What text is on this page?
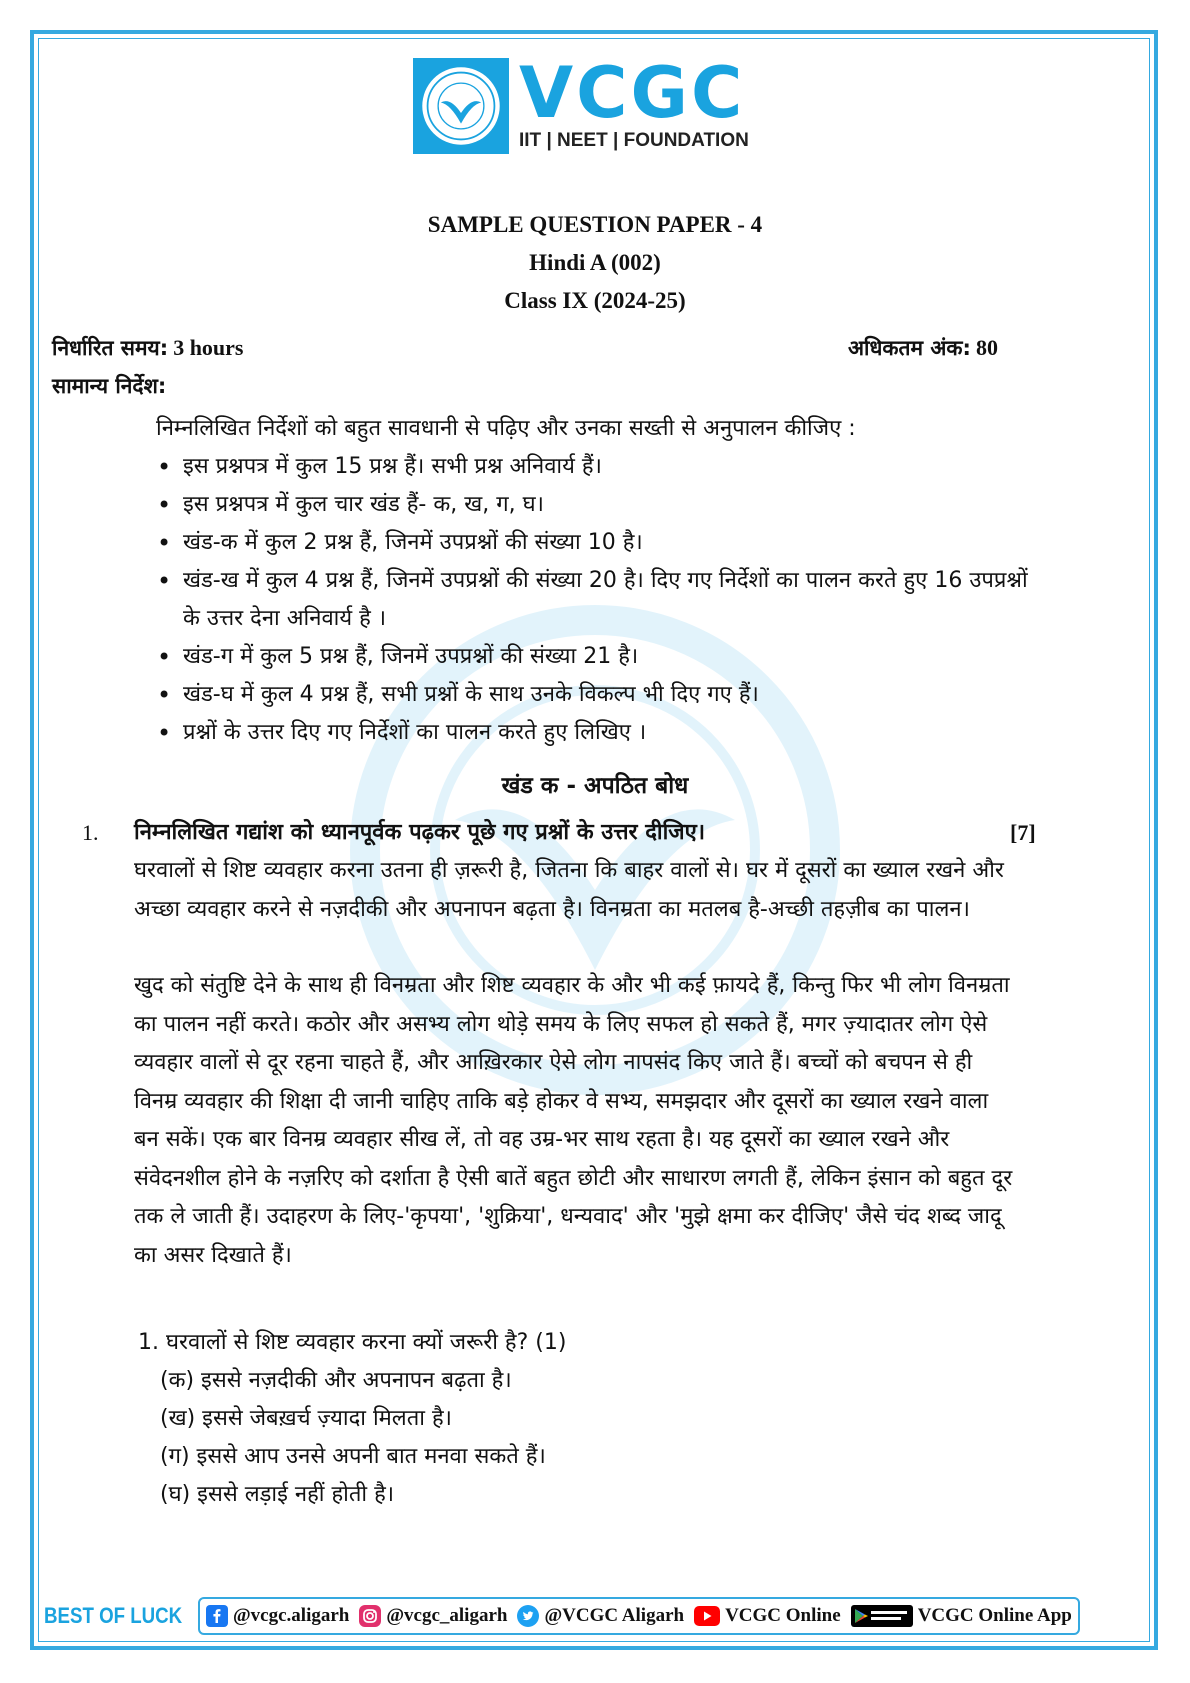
VCGC
IIT | NEET | FOUNDATION
SAMPLE QUESTION PAPER - 4
Hindi A (002)
Class IX (2024-25)
निर्धारित समय: 3 hours	अधिकतम अंक: 80
सामान्य निर्देश:
निम्नलिखित निर्देशों को बहुत सावधानी से पढ़िए और उनका सख्ती से अनुपालन कीजिए :
• इस प्रश्नपत्र में कुल 15 प्रश्न हैं। सभी प्रश्न अनिवार्य हैं।
• इस प्रश्नपत्र में कुल चार खंड हैं- क, ख, ग, घ।
• खंड-क में कुल 2 प्रश्न हैं, जिनमें उपप्रश्नों की संख्या 10 है।
• खंड-ख में कुल 4 प्रश्न हैं, जिनमें उपप्रश्नों की संख्या 20 है। दिए गए निर्देशों का पालन करते हुए 16 उपप्रश्नों के उत्तर देना अनिवार्य है ।
• खंड-ग में कुल 5 प्रश्न हैं, जिनमें उपप्रश्नों की संख्या 21 है।
• खंड-घ में कुल 4 प्रश्न हैं, सभी प्रश्नों के साथ उनके विकल्प भी दिए गए हैं।
• प्रश्नों के उत्तर दिए गए निर्देशों का पालन करते हुए लिखिए ।
खंड क - अपठित बोध
1. निम्नलिखित गद्यांश को ध्यानपूर्वक पढ़कर पूछे गए प्रश्नों के उत्तर दीजिए।	[7]

घरवालों से शिष्ट व्यवहार करना उतना ही ज़रूरी है, जितना कि बाहर वालों से। घर में दूसरों का ख्याल रखने और अच्छा व्यवहार करने से नज़दीकी और अपनापन बढ़ता है। विनम्रता का मतलब है-अच्छी तहज़ीब का पालन।

खुद को संतुष्टि देने के साथ ही विनम्रता और शिष्ट व्यवहार के और भी कई फ़ायदे हैं, किन्तु फिर भी लोग विनम्रता का पालन नहीं करते। कठोर और असभ्य लोग थोड़े समय के लिए सफल हो सकते हैं, मगर ज़्यादातर लोग ऐसे व्यवहार वालों से दूर रहना चाहते हैं, और आख़िरकार ऐसे लोग नापसंद किए जाते हैं। बच्चों को बचपन से ही विनम्र व्यवहार की शिक्षा दी जानी चाहिए ताकि बड़े होकर वे सभ्य, समझदार और दूसरों का ख्याल रखने वाला बन सकें। एक बार विनम्र व्यवहार सीख लें, तो वह उम्र-भर साथ रहता है। यह दूसरों का ख्याल रखने और संवेदनशील होने के नज़रिए को दर्शाता है ऐसी बातें बहुत छोटी और साधारण लगती हैं, लेकिन इंसान को बहुत दूर तक ले जाती हैं। उदाहरण के लिए-'कृपया', 'शुक्रिया', धन्यवाद' और 'मुझे क्षमा कर दीजिए' जैसे चंद शब्द जादू का असर दिखाते हैं।

1. घरवालों से शिष्ट व्यवहार करना क्यों जरूरी है? (1)
(क) इससे नज़दीकी और अपनापन बढ़ता है।
(ख) इससे जेबख़र्च ज़्यादा मिलता है।
(ग) इससे आप उनसे अपनी बात मनवा सकते हैं।
(घ) इससे लड़ाई नहीं होती है।
BEST OF LUCK	@vcgc.aligarh @vcgc_aligarh @VCGC Aligarh VCGC Online	VCGC Online App
